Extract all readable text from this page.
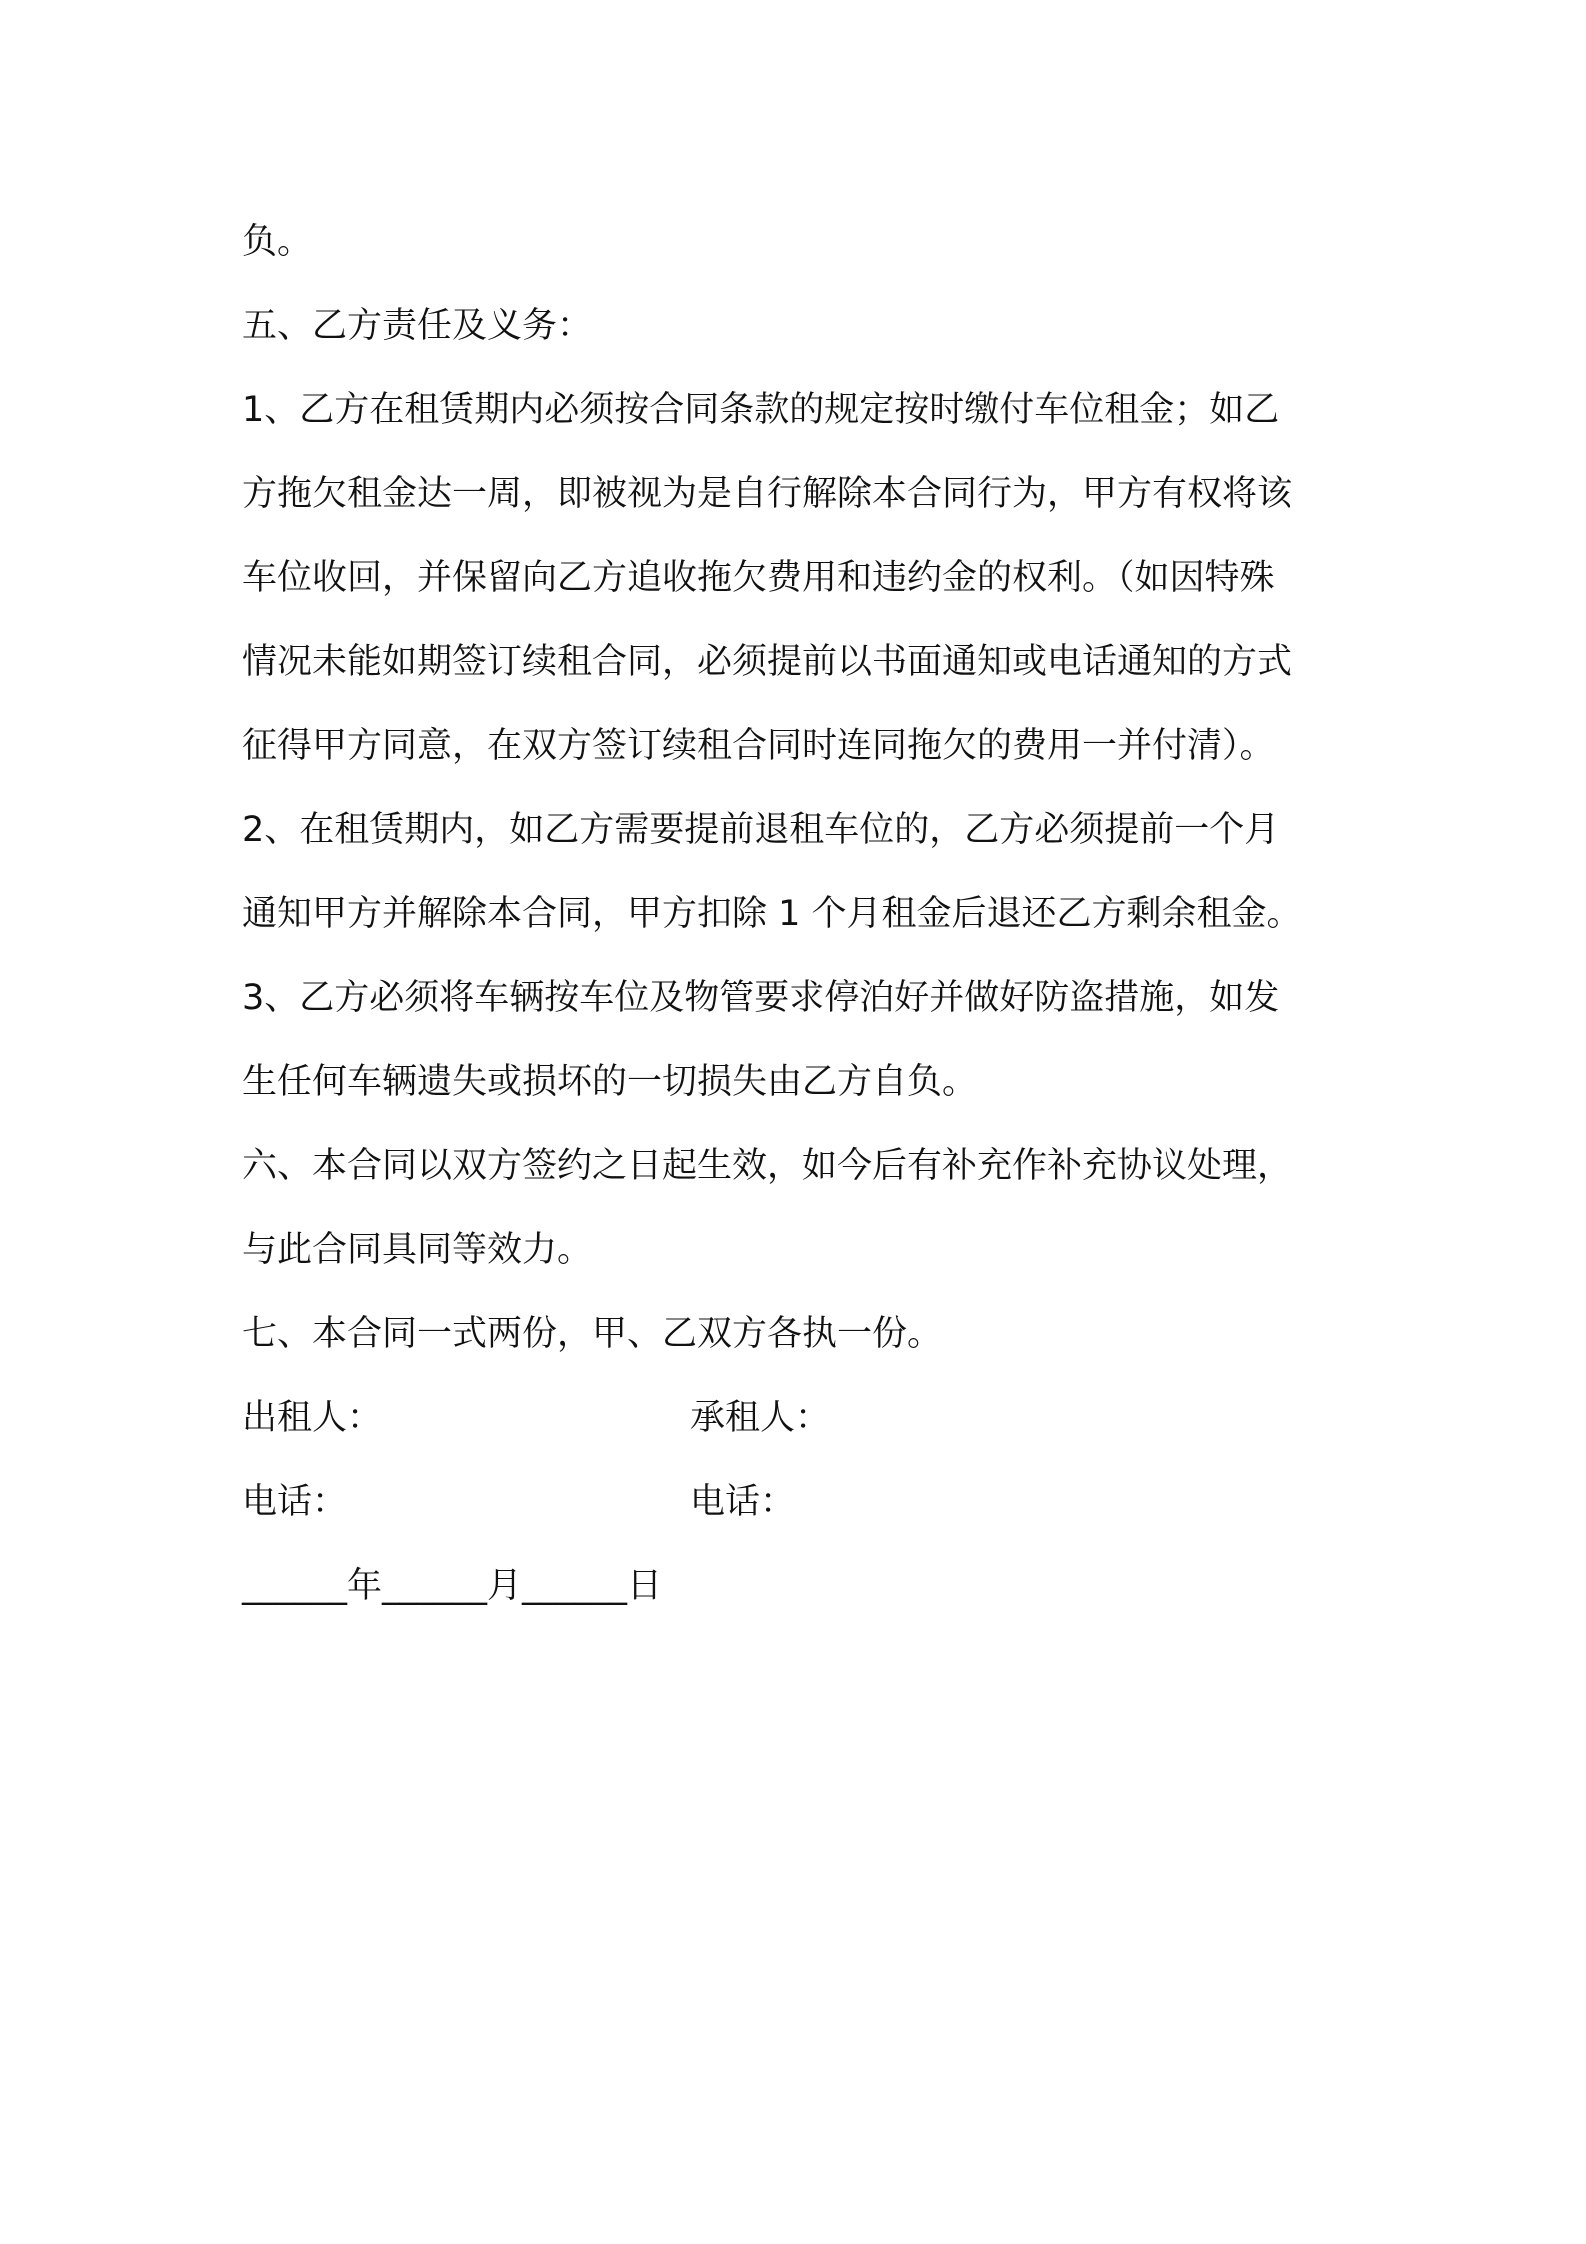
负。
五、乙方责任及义务：
1、乙方在租赁期内必须按合同条款的规定按时缴付车位租金；如乙
方拖欠租金达一周，即被视为是自行解除本合同行为，甲方有权将该
车位收回，并保留向乙方追收拖欠费用和违约金的权利。（如因特殊
情况未能如期签订续租合同，必须提前以书面通知或电话通知的方式
征得甲方同意，在双方签订续租合同时连同拖欠的费用一并付清）。
2、在租赁期内，如乙方需要提前退租车位的，乙方必须提前一个月
通知甲方并解除本合同，甲方扣除 1 个月租金后退还乙方剩余租金。
3、乙方必须将车辆按车位及物管要求停泊好并做好防盗措施，如发
生任何车辆遗失或损坏的一切损失由乙方自负。
六、本合同以双方签约之日起生效，如今后有补充作补充协议处理，
与此合同具同等效力。
七、本合同一式两份，甲、乙双方各执一份。
出租人：	承租人：
电话：	电话：
______年______月______日
